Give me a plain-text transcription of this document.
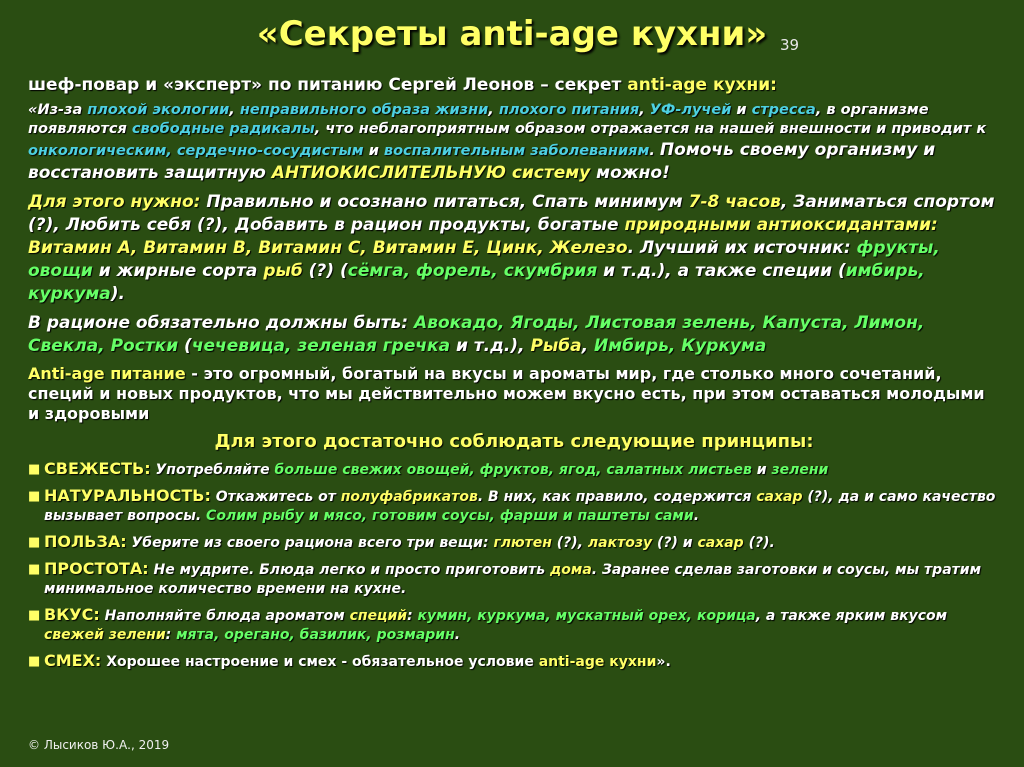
«Секреты anti-age кухни» 39

шеф-повар и «эксперт» по питанию Сергей Леонов – секрет anti-age кухни:

«Из-за плохой экологии, неправильного образа жизни, плохого питания, УФ-лучей и стресса, в организме появляются свободные радикалы, что неблагоприятным образом отражается на нашей внешности и приводит к онкологическим, сердечно-сосудистым и воспалительным заболеваниям. Помочь своему организму и восстановить защитную АНТИОКИСЛИТЕЛЬНУЮ систему можно!

Для этого нужно: Правильно и осознано питаться, Спать минимум 7-8 часов, Заниматься спортом (?), Любить себя (?), Добавить в рацион продукты, богатые природными антиоксидантами: Витамин А, Витамин В, Витамин С, Витамин Е, Цинк, Железо. Лучший их источник: фрукты, овощи и жирные сорта рыб (?) (сёмга, форель, скумбрия и т.д.), а также специи (имбирь, куркума).

В рационе обязательно должны быть: Авокадо, Ягоды, Листовая зелень, Капуста, Лимон, Свекла, Ростки (чечевица, зеленая гречка и т.д.), Рыба, Имбирь, Куркума

Anti-age питание - это огромный, богатый на вкусы и ароматы мир, где столько много сочетаний, специй и новых продуктов, что мы действительно можем вкусно есть, при этом оставаться молодыми и здоровыми

Для этого достаточно соблюдать следующие принципы:

■ СВЕЖЕСТЬ: Употребляйте больше свежих овощей, фруктов, ягод, салатных листьев и зелени
■ НАТУРАЛЬНОСТЬ: Откажитесь от полуфабрикатов. В них, как правило, содержится сахар (?), да и само качество вызывает вопросы. Солим рыбу и мясо, готовим соусы, фарши и паштеты сами.
■ ПОЛЬЗА: Уберите из своего рациона всего три вещи: глютен (?), лактозу (?) и сахар (?).
■ ПРОСТОТА: Не мудрите. Блюда легко и просто приготовить дома. Заранее сделав заготовки и соусы, мы тратим минимальное количество времени на кухне.
■ ВКУС: Наполняйте блюда ароматом специй: кумин, куркума, мускатный орех, корица, а также ярким вкусом свежей зелени: мята, орегано, базилик, розмарин.
■ СМЕХ: Хорошее настроение и смех - обязательное условие anti-age кухни».
© Лысиков Ю.А., 2019
